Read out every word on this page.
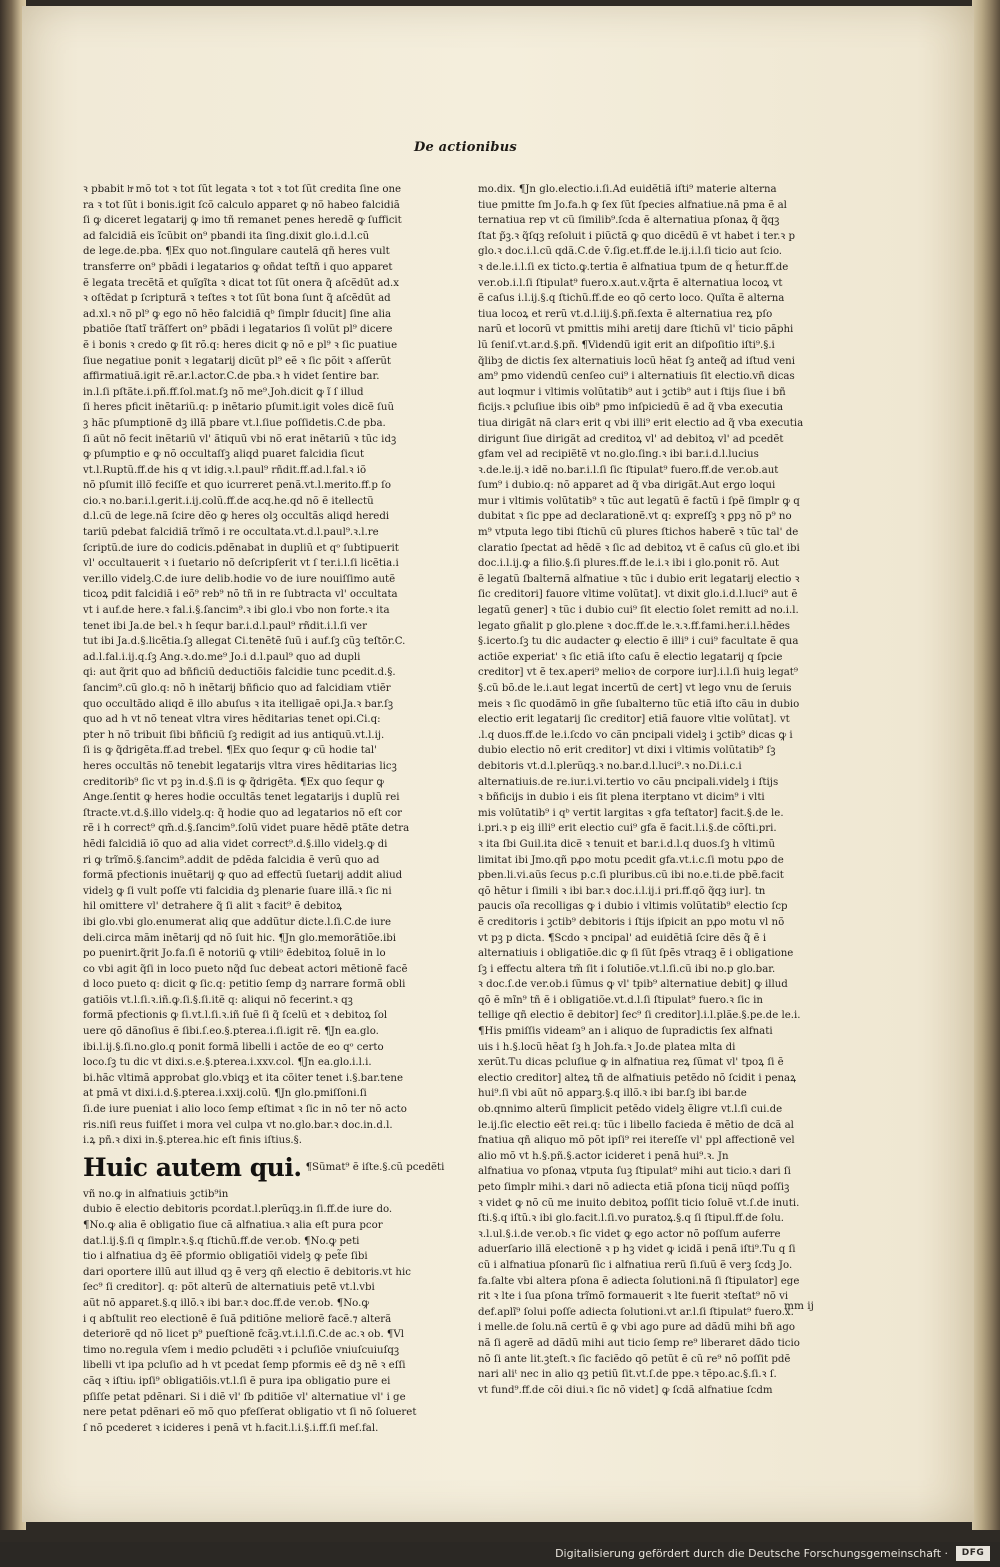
De actionibus
ꝛ pbabit hͣ mõ tot ꝛ tot ſũt legata ꝛ tot ꝛ tot ſũt credita ſine one
ra ꝛ tot ſũt i bonis.igit ſcõ calculo apparet ꝙ nõ habeo falcidiã
ſi ꝙ diceret legatarij ꝙ imo tñ remanet penes heredẽ ꝙ ſufficit
ad falcidiã eis ĩcũbit on⁹ pbandi ita ſing.dixit glo.i.d.l.cũ
de lege.de.pba. ¶Ex quo not.ſingulare cautelã qñ heres vult
transferre on⁹ pbãdi i legatarios ꝙ oñdat teſtñ i quo apparet
ẽ legata trecẽtã et quĩgĩta ꝛ dicat tot ſũt onera q̃ aſcẽdũt ad.x
ꝛ oſtẽdat p ſcripturã ꝛ teſtes ꝛ tot ſũt bona ſunt q̃ aſcẽdũt ad
ad.xl.ꝛ nõ pl⁹ ꝙ ego nõ hẽo falcidiã qᵇ ſimplr ſducit] ſine alia
pbatiõe ſtatĩ trãſfert on⁹ pbãdi i legatarios ſi volũt pl⁹ dicere
ẽ i bonis ꝛ credo ꝙ ſit rõ.q: heres dicit ꝙ nõ e pl⁹ ꝛ ſic puatiue
ſiue negatiue ponit ꝛ legatarij dicũt pl⁹ eẽ ꝛ ſic põit ꝛ aſſerũt
affirmatiuã.igit rẽ.ar.l.actor.C.de pba.ꝛ h videt ſentire bar.
in.l.ſi pſtãte.i.pñ.ff.ſol.mat.ſꝫ nõ me⁹.Joh.dicit ꝙ ĩ ſ illud
ſi heres pficit inẽtariũ.q: p inẽtario pſumit.igit voles dicẽ ſuũ
ꝫ hãc pſumptionẽ dꝫ illã pbare vt.l.ſiue poſſidetis.C.de pba.
ſi aũt nõ fecit inẽtariũ vl' ãtiquũ vbi nõ erat inẽtariũ ꝛ tũc idꝫ
ꝙ pſumptio e ꝙ nõ occultaſſꝫ aliqd puaret falcidia ſicut
vt.l.Ruptũ.ff.de his q vt idig.ꝛ.l.paul⁹ rñdit.ff.ad.l.fal.ꝛ iõ
nõ pſumit illõ feciſſe et quo icurreret penã.vt.l.merito.ff.p ſo
cio.ꝛ no.bar.i.l.gerit.i.ij.colũ.ff.de acq.he.qd nõ ẽ itellectũ
d.l.cũ de lege.nã ſcire dẽo ꝙ heres olꝫ occultãs aliqd heredi
tariũ pdebat falcidiã trĩmõ i re occultata.vt.d.l.paul⁹.ꝛ.l.re
ſcriptũ.de iure do codicis.pdẽnabat in dupliũ et qᵒ ſubtipuerit
vl' occultauerit ꝛ i ſuetario nõ deſcripſerit vt ſ ter.i.l.ſi licẽtia.i
ver.illo videlꝫ.C.de iure delib.hodie vo de iure nouiſſimo autẽ
ticoꝝ pdit falcidiã i eõ⁹ reb⁹ nõ tñ in re ſubtracta vl' occultata
vt i auf.de here.ꝛ fal.i.§.ſancim⁹.ꝛ ibi glo.i vbo non forte.ꝛ ita
tenet ibi Ja.de bel.ꝛ h ſequr bar.i.d.l.paul⁹ rñdit.i.l.ſi ver
tut ibi Ja.d.§.licẽtia.ſꝫ allegat Ci.tenẽtẽ ſuũ i auf.ſꝫ cũꝫ teſtõr.C.
ad.l.fal.i.ij.q.ſꝫ Ang.ꝛ.do.me⁹ Jo.i d.l.paul⁹ quo ad dupli
qi: aut q̃rit quo ad bñficiũ deductiõis falcidie tunc pcedit.d.§.
ſancim⁹.cũ glo.q: nõ h inẽtarij bñficio quo ad falcidiam vtiẽr
quo occultãdo aliqd ẽ illo abuſus ꝛ ita itelligaẽ opi.Ja.ꝛ bar.ſꝫ
quo ad h vt nõ teneat vltra vires hẽditarias tenet opi.Ci.q:
pter h nõ tribuit ſibi bñficiũ ſꝫ redigit ad ius antiquũ.vt.l.ij.
ſi is ꝙ q̃drigẽta.ff.ad trebel. ¶Ex quo ſequr ꝙ cũ hodie tal'
heres occultãs nõ tenebit legatarijs vltra vires hẽditarias licꝫ
creditorib⁹ ſic vt pꝫ in.d.§.ſi is ꝙ q̃drigẽta. ¶Ex quo ſequr ꝙ
Ange.ſentit ꝙ heres hodie occultãs tenet legatarijs i duplũ rei
ſtracte.vt.d.§.illo videlꝫ.q: q̃ hodie quo ad legatarios nõ eſt cor
rẽ i h correct⁹ qm̃.d.§.ſancim⁹.ſolũ videt puare hẽdẽ ptãte detra
hẽdi falcidiã iõ quo ad alia videt correct⁹.d.§.illo videlꝫ.ꝙ di
ri ꝙ trĩmõ.§.ſancim⁹.addit de pdẽda falcidia ẽ verũ quo ad
formã pfectionis inuẽtarij ꝙ quo ad effectũ ſuetarij addit aliud
videlꝫ ꝙ ſi vult poſſe vti falcidia dꝫ plenarie ſuare illã.ꝛ ſic ni
hil omittere vl' detrahere q̃ ſi alit ꝛ facit⁹ ẽ debitoꝝ
ibi glo.vbi glo.enumerat aliq que addũtur dicte.l.ſi.C.de iure
deli.circa mãm inẽtarij qd nõ ſuit hic. ¶Jn glo.memorãtiõe.ibi
po puenirt.q̃rit Jo.fa.ſi ẽ notoriũ ꝙ vtiliᵒ ẽdebitoꝝ ſoluẽ in lo
co vbi agit q̃ſi in loco pueto nq̃d ſuc debeat actori mẽtionẽ facẽ
d loco pueto q: dicit ꝙ ſic.q: petitio ſemp dꝫ narrare formã obli
gatiõis vt.l.ſi.ꝛ.iñ.ꝙ.ſi.§.ſi.itẽ q: aliqui nõ fecerint.ꝛ qꝫ
formã pfectionis ꝙ ſi.vt.l.ſi.ꝛ.iñ ſuẽ ſi q̃ ſcelũ et ꝛ debitoꝝ ſol
uere qõ dãnoſius ẽ ſibi.ſ.eo.§.pterea.i.ſi.igit rẽ. ¶Jn ea.glo.
ibi.l.ij.§.ſi.no.glo.q ponit formã libelli i actõe de eo qᵒ certo
loco.ſꝫ tu dic vt dixi.s.e.§.pterea.i.xxv.col. ¶Jn ea.glo.i.l.i.
bi.hãc vltimã approbat glo.vbiqꝫ et ita cõiter tenet i.§.bar.tene
at pmã vt dixi.i.d.§.pterea.i.xxij.colũ. ¶Jn glo.pmiſſoni.ſi
ſi.de iure pueniat i alio loco ſemp eſtimat ꝛ ſic in nõ ter nõ acto
ris.niſi reus fuiſſet i mora vel culpa vt no.glo.bar.ꝛ doc.in.d.l.
i.ꝝ pñ.ꝛ dixi in.§.pterea.hic eſt finis iſtius.§.
Huic autem qui. ¶Sũmat⁹ ẽ iſte.§.cũ pcedẽti
vñ no.ꝙ in alfnatiuis ꝫctib⁹in
dubio ẽ electio debitoris pcordat.l.plerũqꝫ.in ſi.ff.de iure do.
¶No.ꝙ alia ẽ obligatio ſiue cã alfnatiua.ꝛ alia eſt pura pcor
dat.l.ij.§.ſi q ſimplr.ꝛ.§.q ſtichũ.ff.de ver.ob. ¶No.ꝙ peti
tio i alfnatiua dꝫ ẽẽ pformio obligatiõi videlꝫ ꝙ pet̃e ſibi
dari oportere illũ aut illud qꝫ ẽ verꝫ qñ electio ẽ debitoris.vt hic
ſec⁹ ſi creditor]. q: põt alterũ de alternatiuis petẽ vt.l.vbi
aũt nõ apparet.§.q illõ.ꝛ ibi bar.ꝛ doc.ff.de ver.ob. ¶No.ꝙ
i q abſtulit reo electionẽ ẽ ſuã pditiõne meliorẽ facẽ.⁊ alterã
deteriorẽ qd nõ licet p⁹ pueſtionẽ fcãꝫ.vt.i.l.ſi.C.de ac.ꝛ ob. ¶Vl
timo no.regula vſem i medio ꝑcludẽti ꝛ i ꝑcluſiõe vniuſcuiuſqꝫ
libelli vt ipa pcluſio ad h vt pcedat ſemp pformis eẽ dꝫ nẽ ꝛ eſſi
cãq ꝛ iſtiuᵢ ipſi⁹ obligatiõis.vt.l.ſi ẽ pura ipa obligatio pure ei
pſiſſe petat pdẽnari. Si i diẽ vl' ſb ꝑditiõe vl' alternatiue vl' i ge
nere petat pdẽnari eõ mõ quo pfeſſerat obligatio vt ſi nõ ſolueret
ſ nõ pcederet ꝛ icideres i penã vt h.facit.l.i.§.i.ff.ſi meſ.fal.
mo.dix. ¶Jn glo.electio.i.ſi.Ad euidẽtiã iſti⁹ materie alterna
tiue pmitte ſm Jo.fa.h ꝙ ſex ſũt ſpecies alfnatiue.nã pma ẽ al
ternatiua rep vt cũ ſimilib⁹.ſcda ẽ alternatiua pſonaꝝ q̃ q̃qꝫ
ſtat p̃ꝫ.ꝛ q̃ſqꝫ reſoluit i piũctã ꝙ quo dicẽdũ ẽ vt habet i ter.ꝛ p
glo.ꝛ doc.i.l.cũ qdã.C.de v̄.ſig.et.ff.de le.ij.i.l.ſi ticio aut ſcio.
ꝛ de.le.i.l.ſi ex ticto.ꝙ.tertia ẽ alfnatiua tpum de q h̃etur.ff.de
ver.ob.i.l.ſi ſtipulat⁹ fuero.x.aut.v.q̃rta ẽ alternatiua locoꝝ vt
ẽ caſus i.l.ij.§.q ſtichũ.ff.de eo qõ certo loco. Quĩta ẽ alterna
tiua locoꝝ et rerũ vt.d.l.iij.§.pñ.ſexta ẽ alternatiua reꝝ pſo
narũ et locorũ vt pmittis mihi aretij dare ſtichũ vl' ticio pãphi
lũ ſeniſ.vt.ar.d.§.pñ. ¶Videndũ igit erit an diſpoſitio iſti⁹.§.i
q̃libꝫ de dictis ſex alternatiuis locũ hẽat ſꝫ anteq̃ ad iſtud veni
am⁹ pmo videndũ cenſeo cui⁹ i alternatiuis ſit electio.vñ dicas
aut loqmur i vltimis volũtatib⁹ aut i ꝫctib⁹ aut i ſtijs ſiue i bñ
ficijs.ꝛ ꝑcluſiue ibis oib⁹ pmo inſpiciedũ ẽ ad q̃ vba executia
tiua dirigãt nã clarꝛ erit q vbi illi⁹ erit electio ad q̃ vba executia
dirigunt ſiue dirigãt ad creditoꝝ vl' ad debitoꝝ vl' ad pcedẽt
gfam vel ad recipiẽtẽ vt no.glo.ſing.ꝛ ibi bar.i.d.l.lucius
ꝛ.de.le.ij.ꝛ idẽ no.bar.i.l.ſi ſic ſtipulat⁹ fuero.ff.de ver.ob.aut
ſum⁹ i dubio.q: nõ apparet ad q̃ vba dirigãt.Aut ergo loqui
mur i vltimis volũtatib⁹ ꝛ tũc aut legatũ ẽ factũ i ſpẽ ſimplr ꝙ q
dubitat ꝛ ſic ppe ad declarationẽ.vt q: expreſſꝫ ꝛ ꝑpꝫ nõ p⁹ no
m⁹ vtputa lego tibi ſtichũ cũ plures ſtichos haberẽ ꝛ tũc tal' de
claratio ſpectat ad hẽdẽ ꝛ ſic ad debitoꝝ vt ẽ caſus cũ glo.et ibi
doc.i.l.ij.ꝙ a filio.§.ſi plures.ff.de le.i.ꝛ ibi i glo.ponit rõ. Aut
ẽ legatũ ſbalternã alfnatiue ꝛ tũc i dubio erit legatarij electio ꝛ
ſic creditori] fauore vltime volũtat]. vt dixit glo.i.d.l.luci⁹ aut ẽ
legatũ gener] ꝛ tũc i dubio cui⁹ ſit electio ſolet remitt ad no.i.l.
legato gñalit p glo.plene ꝛ doc.ff.de le.ꝛ.ꝛ.ff.fami.her.i.l.hẽdes
§.icerto.ſꝫ tu dic audacter ꝙ electio ẽ illi⁹ i cui⁹ facultate ẽ qua
actiõe experiat' ꝛ ſic etiã iſto caſu ẽ electio legatarij q ſpcie
creditor] vt ẽ tex.aperi⁹ melioꝛ de corpore iur].i.l.ſi huiꝫ legat⁹
§.cũ bõ.de le.i.aut legat incertũ de cert] vt lego vnu de ſeruis
meis ꝛ ſic quodãmõ in gñe ſubalterno tũc etiã iſto cãu in dubio
electio erit legatarij ſic creditor] etiã fauore vltie volũtat]. vt
.l.q duos.ff.de le.i.ſcdo vo cãn pncipali videlꝫ i ꝫctib⁹ dicas ꝙ i
dubio electio nõ erit creditor] vt dixi i vltimis volũtatib⁹ ſꝫ
debitoris vt.d.l.plerũqꝫ.ꝛ no.bar.d.l.luci⁹.ꝛ no.Di.i.c.i
alternatiuis.de re.iur.i.vi.tertio vo cãu pncipali.videlꝫ i ſtijs
ꝛ bñficijs in dubio i eis ſit plena iterptano vt dicim⁹ i vlti
mis volũtatib⁹ i qᵇ vertit largitas ꝛ gfa teſtator] facit.§.de le.
i.pri.ꝛ p eiꝫ illi⁹ erit electio cui⁹ gfa ẽ facit.l.i.§.de cõſti.pri.
ꝛ ita ſbi Guil.ita dicẽ ꝛ tenuit et bar.i.d.l.q duos.ſꝫ h vltimũ
limitat ibi Jmo.qñ pꝓo motu pcedit gfa.vt.i.c.ſi motu pꝓo de
pben.li.vi.aũs ſecus p.c.ſi pluribus.cũ ibi no.e.ti.de pbẽ.facit
qõ hẽtur i ſimili ꝛ ibi bar.ꝛ doc.i.l.ij.i pri.ff.qõ q̃qꝫ iur]. tn
paucis oĩa recolligas ꝙ i dubio i vltimis volũtatib⁹ electio ſcp
ẽ creditoris i ꝫctib⁹ debitoris i ſtijs iſpicit an pꝓo motu vl nõ
vt pꝫ p dicta. ¶Scdo ꝛ pncipal' ad euidẽtiã ſcire dẽs q̃ ẽ i
alternatiuis i obligatiõe.dic ꝙ ſi ſũt ſpẽs vtraqꝫ ẽ i obligatione
ſꝫ i effectu altera tm̃ ſit i ſolutiõe.vt.l.ſi.cũ ibi no.p glo.bar.
ꝛ doc.ſ.de ver.ob.i ſũmus ꝙ vl' tpib⁹ alternatiue debit] ꝙ illud
qõ ẽ mĩn⁹ tñ ẽ i obligatiõe.vt.d.l.ſi ſtipulat⁹ fuero.ꝛ ſic in
tellige qñ electio ẽ debitor] ſec⁹ ſi creditor].i.l.plãe.§.pe.de le.i.
¶His pmiſſis videam⁹ an i aliquo de ſupradictis ſex alfnati
uis i h.§.locũ hẽat ſꝫ h Joh.fa.ꝛ Jo.de platea mlta di
xerũt.Tu dicas pcluſiue ꝙ in alfnatiua reꝝ ſũmat vl' tpoꝝ ſi ẽ
electio creditor] alteꝝ tñ de alfnatiuis petẽdo nõ ſcidit i penaꝝ
hui⁹.ſi vbi aũt nõ apparꝫ.§.q illõ.ꝛ ibi bar.ſꝫ ibi bar.de
ob.qnnimo alterũ ſimplicit petẽdo videlꝫ ẽligre vt.l.ſi cui.de
le.ij.ſic electio eẽt rei.q: tũc i libello facieda ẽ mẽtio de dcã al
fnatiua qñ aliquo mõ põt ipſi⁹ rei itereſſe vl' ppl affectionẽ vel
alio mõ vt h.§.pñ.§.actor icideret i penã hui⁹.ꝛ. Jn
alfnatiua vo pſonaꝝ vtputa ſuꝫ ſtipulat⁹ mihi aut ticio.ꝛ dari ſi
peto ſimplr mihi.ꝛ dari nõ adiecta etiã pſona ticij nũqd poſſiꝫ
ꝛ videt ꝙ nõ cũ me inuito debitoꝝ poſſit ticio ſoluẽ vt.ſ.de inuti.
ſti.§.q iſtũ.ꝛ ibi glo.facit.l.ſi.vo puratoꝝ.§.q ſi ſtipul.ff.de ſolu.
ꝛ.l.ul.§.i.de ver.ob.ꝛ ſic videt ꝙ ego actor nõ poſſum auferre
aduerſario illã electionẽ ꝛ p hꝫ videt ꝙ icidã i penã iſti⁹.Tu q ſi
cũ i alfnatiua pſonarũ ſic i alfnatiua rerũ ſi.ſuũ ẽ verꝫ ſcdꝫ Jo.
fa.ſalte vbi altera pſona ẽ adiecta ſolutioni.nã ſi ſtipulator] ege
rit ꝛ lte i ſua pſona trĩmõ formauerit ꝛ lte fuerit ꝛteſtat⁹ nõ vi
def.aplĩ⁹ ſolui poſſe adiecta ſolutioni.vt ar.l.ſi ſtipulat⁹ fuero.x.
i melle.de ſolu.nã certũ ẽ ꝙ vbi ago pure ad dãdũ mihi bñ ago
nã ſi agerẽ ad dãdũ mihi aut ticio ſemp re⁹ liberaret dãdo ticio
nõ ſi ante lit.ꝫteſt.ꝛ ſic faciẽdo qõ petũt ẽ cũ re⁹ nõ poſſit pdẽ
nari aliᵗ nec in alio qꝫ petiũ ſit.vt.ſ.de ppe.ꝛ tẽpo.ac.§.ſi.ꝛ ſ.
vt fund⁹.ff.de cõi diui.ꝛ ſic nõ videt] ꝙ ſcdã alfnatiue ſcdm
mm ij
Digitalisierung gefördert durch die Deutsche Forschungsgemeinschaft ·	DFG
